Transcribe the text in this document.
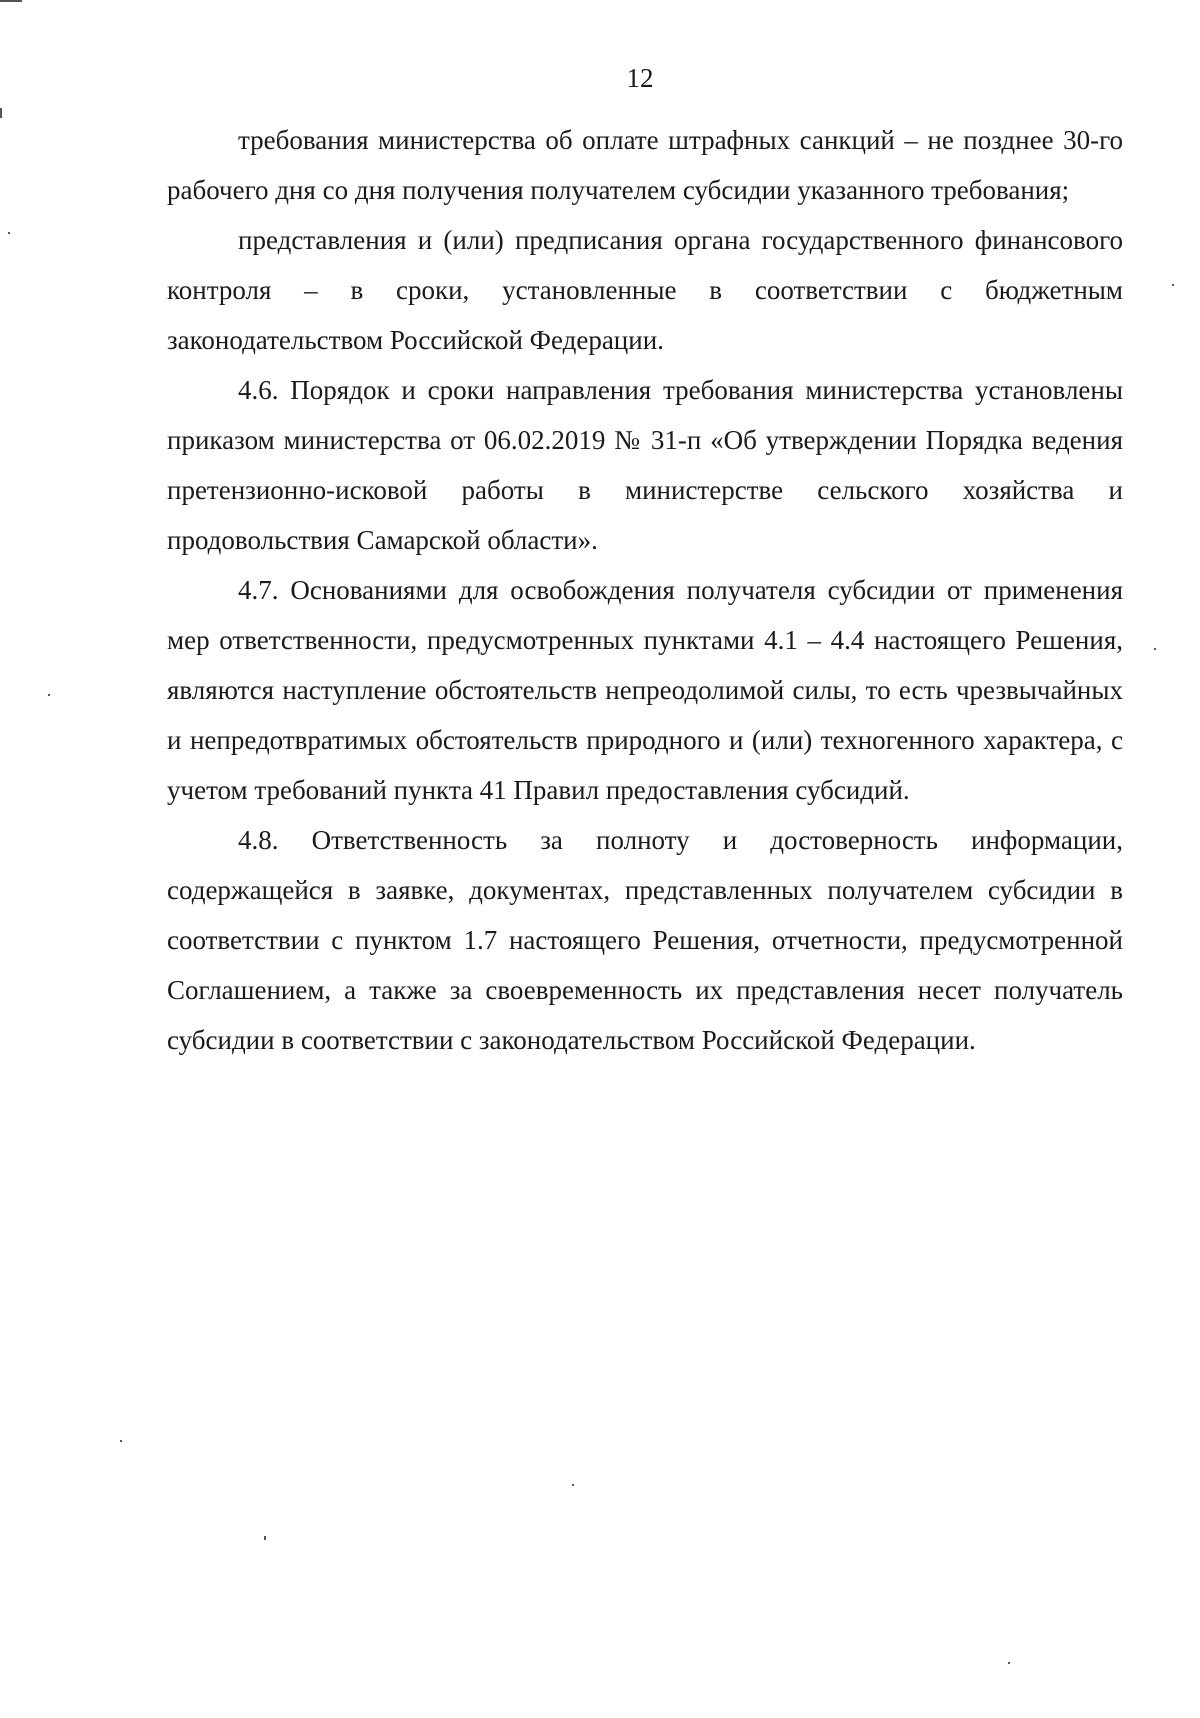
12

требования министерства об оплате штрафных санкций – не позднее 30-го рабочего дня со дня получения получателем субсидии указанного требования;

представления и (или) предписания органа государственного финансового контроля – в сроки, установленные в соответствии с бюджетным законодательством Российской Федерации.

4.6. Порядок и сроки направления требования министерства установлены приказом министерства от 06.02.2019 № 31-п «Об утверждении Порядка ведения претензионно-исковой работы в министерстве сельского хозяйства и продовольствия Самарской области».

4.7. Основаниями для освобождения получателя субсидии от применения мер ответственности, предусмотренных пунктами 4.1 – 4.4 настоящего Решения, являются наступление обстоятельств непреодолимой силы, то есть чрезвычайных и непредотвратимых обстоятельств природного и (или) техногенного характера, с учетом требований пункта 41 Правил предоставления субсидий.

4.8. Ответственность за полноту и достоверность информации, содержащейся в заявке, документах, представленных получателем субсидии в соответствии с пунктом 1.7 настоящего Решения, отчетности, предусмотренной Соглашением, а также за своевременность их представления несет получатель субсидии в соответствии с законодательством Российской Федерации.
